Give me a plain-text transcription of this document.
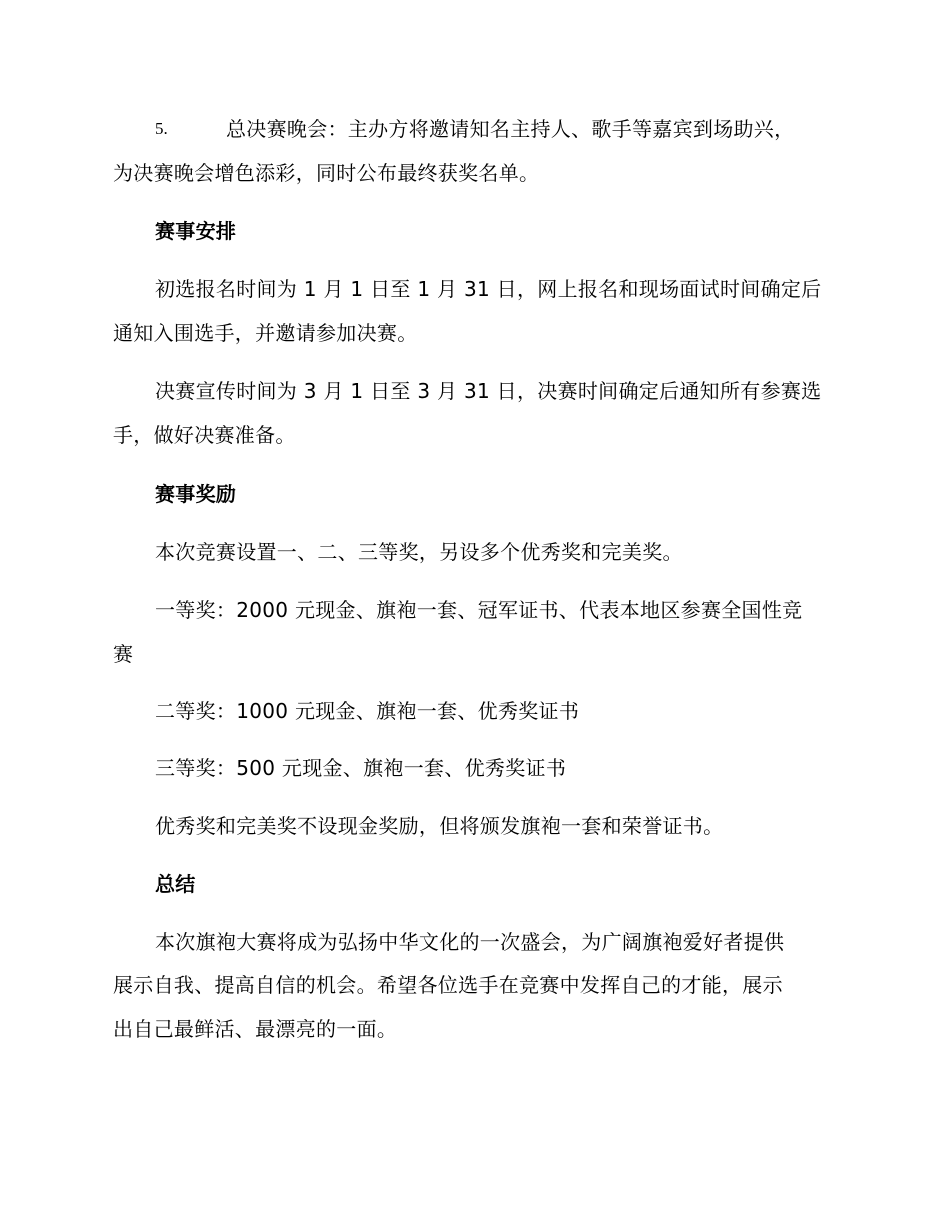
5.	总决赛晚会：主办方将邀请知名主持人、歌手等嘉宾到场助兴，
为决赛晚会增色添彩，同时公布最终获奖名单。
赛事安排
初选报名时间为 1 月 1 日至 1 月 31 日，网上报名和现场面试时间确定后
通知入围选手，并邀请参加决赛。
决赛宣传时间为 3 月 1 日至 3 月 31 日，决赛时间确定后通知所有参赛选
手，做好决赛准备。
赛事奖励
本次竞赛设置一、二、三等奖，另设多个优秀奖和完美奖。
一等奖：2000 元现金、旗袍一套、冠军证书、代表本地区参赛全国性竞
赛
二等奖：1000 元现金、旗袍一套、优秀奖证书
三等奖：500 元现金、旗袍一套、优秀奖证书
优秀奖和完美奖不设现金奖励，但将颁发旗袍一套和荣誉证书。
总结
本次旗袍大赛将成为弘扬中华文化的一次盛会，为广阔旗袍爱好者提供
展示自我、提高自信的机会。希望各位选手在竞赛中发挥自己的才能，展示
出自己最鲜活、最漂亮的一面。
